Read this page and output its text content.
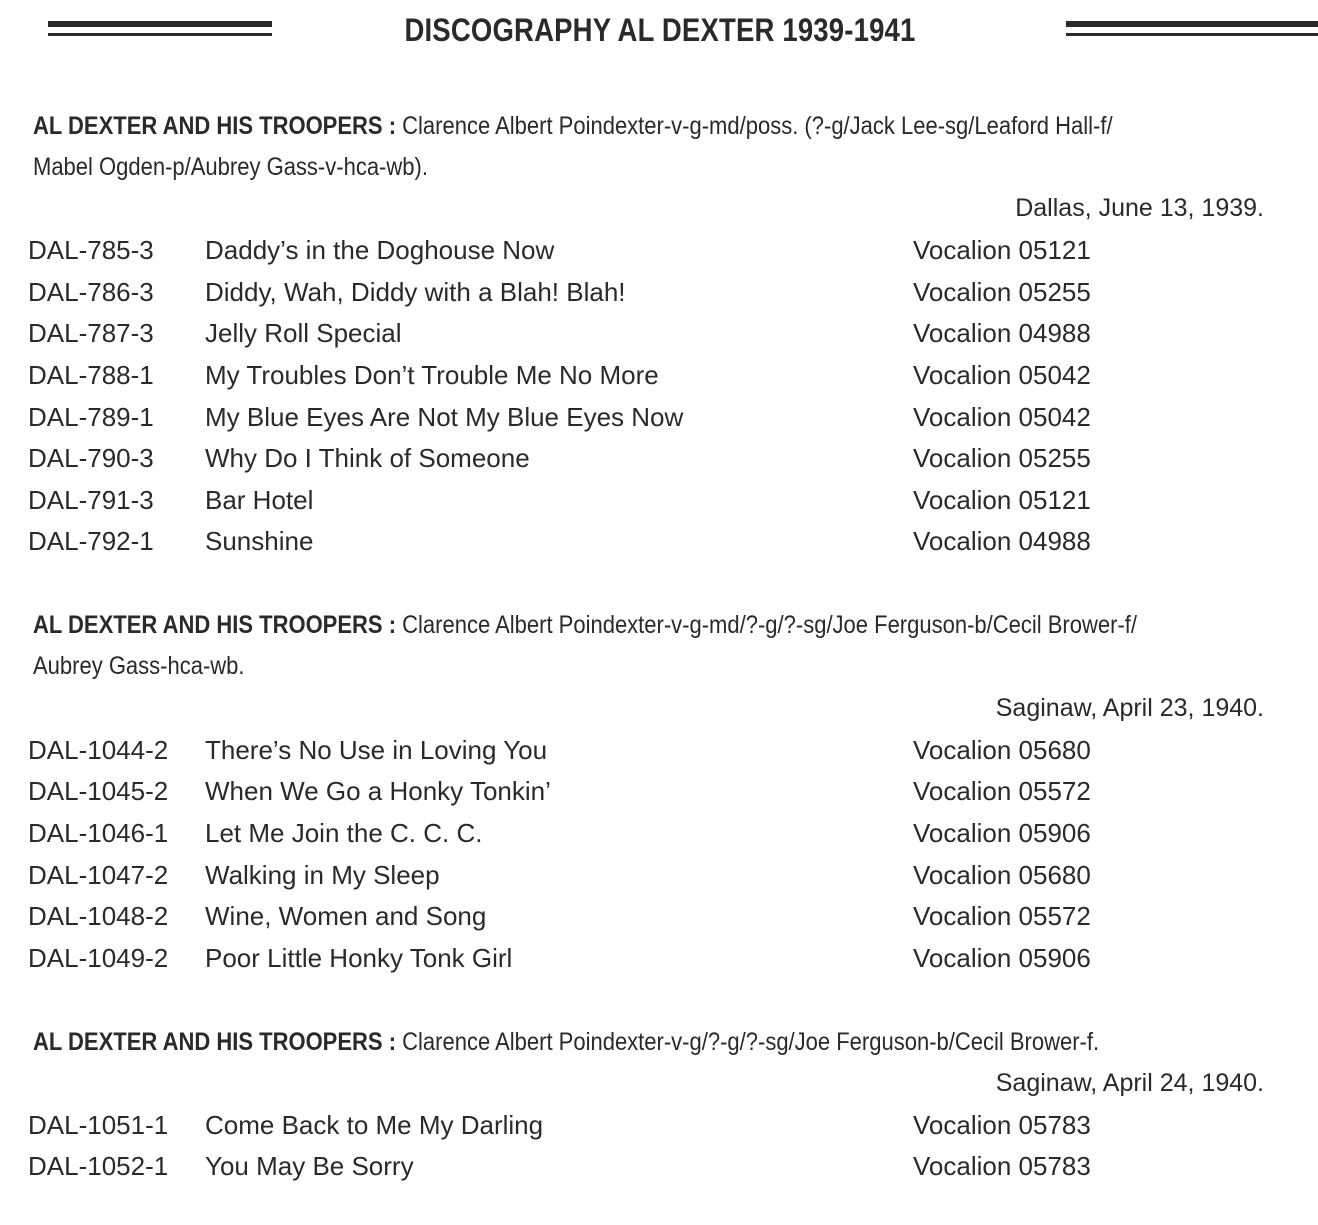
DISCOGRAPHY AL DEXTER 1939-1941
AL DEXTER AND HIS TROOPERS : Clarence Albert Poindexter-v-g-md/poss. (?-g/Jack Lee-sg/Leaford Hall-f/
Mabel Ogden-p/Aubrey Gass-v-hca-wb).
Dallas, June 13, 1939.
DAL-785-3 Daddy’s in the Doghouse Now	Vocalion 05121
DAL-786-3 Diddy, Wah, Diddy with a Blah! Blah!	Vocalion 05255
DAL-787-3 Jelly Roll Special	Vocalion 04988
DAL-788-1 My Troubles Don’t Trouble Me No More	Vocalion 05042
DAL-789-1 My Blue Eyes Are Not My Blue Eyes Now	Vocalion 05042
DAL-790-3 Why Do I Think of Someone	Vocalion 05255
DAL-791-3 Bar Hotel	Vocalion 05121
DAL-792-1 Sunshine	Vocalion 04988
AL DEXTER AND HIS TROOPERS : Clarence Albert Poindexter-v-g-md/?-g/?-sg/Joe Ferguson-b/Cecil Brower-f/
Aubrey Gass-hca-wb.
Saginaw, April 23, 1940.
DAL-1044-2 There’s No Use in Loving You	Vocalion 05680
DAL-1045-2 When We Go a Honky Tonkin’	Vocalion 05572
DAL-1046-1 Let Me Join the C. C. C.	Vocalion 05906
DAL-1047-2 Walking in My Sleep	Vocalion 05680
DAL-1048-2 Wine, Women and Song	Vocalion 05572
DAL-1049-2 Poor Little Honky Tonk Girl	Vocalion 05906
AL DEXTER AND HIS TROOPERS : Clarence Albert Poindexter-v-g/?-g/?-sg/Joe Ferguson-b/Cecil Brower-f.
Saginaw, April 24, 1940.
DAL-1051-1 Come Back to Me My Darling	Vocalion 05783
DAL-1052-1 You May Be Sorry	Vocalion 05783
